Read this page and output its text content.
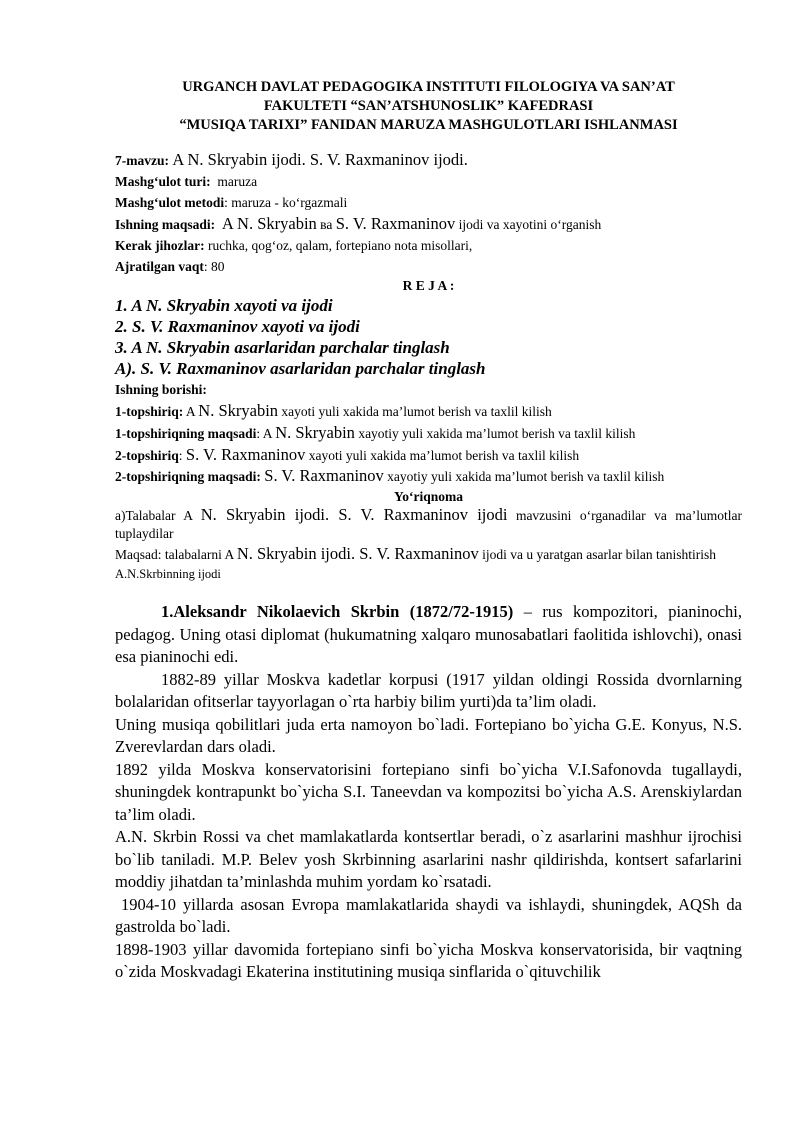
URGANCH DAVLAT PEDAGOGIKA INSTITUTI FILOLOGIYA VA SAN’AT
FAKULTETI “SAN’ATSHUNOSLIK” KAFEDRASI
“MUSIQA TARIXI” FANIDAN MARUZA MASHGULOTLARI ISHLANMASI
7-mavzu: A N. Skryabin ijodi. S. V. Raxmaninov ijodi.
Mashg‘ulot turi: maruza
Mashg‘ulot metodi: maruza - ko‘rgazmali
Ishning maqsadi: A N. Skryabin ва S. V. Raxmaninov ijodi va xayotini o‘rganish
Kerak jihozlar: ruchka, qog‘oz, qalam, fortepiano nota misollari,
Ajratilgan vaqt: 80
R E J A :
1. A N. Skryabin xayoti va ijodi
2. S. V. Raxmaninov xayoti va ijodi
3. A N. Skryabin asarlaridan parchalar tinglash
A). S. V. Raxmaninov asarlaridan parchalar tinglash
Ishning borishi:
1-topshiriq: A N. Skryabin xayoti yuli xakida ma’lumot berish va taxlil kilish
1-topshiriqning maqsadi: A N. Skryabin xayotiy yuli xakida ma’lumot berish va taxlil kilish
2-topshiriq: S. V. Raxmaninov xayoti yuli xakida ma’lumot berish va taxlil kilish
2-topshiriqning maqsadi: S. V. Raxmaninov xayotiy yuli xakida ma’lumot berish va taxlil kilish
Yo‘riqnoma
a)Talabalar A N. Skryabin ijodi. S. V. Raxmaninov ijodi mavzusini o‘rganadilar va ma’lumotlar tuplaydilar
Maqsad: talabalarni A N. Skryabin ijodi. S. V. Raxmaninov ijodi va u yaratgan asarlar bilan tanishtirish
A.N.Skrbinning ijodi
1.Aleksandr Nikolaevich Skrbin (1872/72-1915) – rus kompozitori, pianinochi, pedagog. Uning otasi diplomat (hukumatning xalqaro munosabatlari faolitida ishlovchi), onasi esa pianinochi edi.
1882-89 yillar Moskva kadetlar korpusi (1917 yildan oldingi Rossida dvornlarning bolalaridan ofitserlar tayyorlagan o`rta harbiy bilim yurti)da ta’lim oladi.
Uning musiqa qobilitlari juda erta namoyon bo`ladi. Fortepiano bo`yicha G.E. Konyus, N.S. Zverevlardan dars oladi.
1892 yilda Moskva konservatorisini fortepiano sinfi bo`yicha V.I.Safonovda tugallaydi, shuningdek kontrapunkt bo`yicha S.I. Taneevdan va kompozitsi bo`yicha A.S. Arenskiylardan ta’lim oladi.
A.N. Skrbin Rossi va chet mamlakatlarda kontsertlar beradi, o`z asarlarini mashhur ijrochisi bo`lib taniladi. M.P. Belev yosh Skrbinning asarlarini nashr qildirishda, kontsert safarlarini moddiy jihatdan ta’minlashda muhim yordam ko`rsatadi.
1904-10 yillarda asosan Evropa mamlakatlarida shaydi va ishlaydi, shuningdek, AQSh da gastrolda bo`ladi.
1898-1903 yillar davomida fortepiano sinfi bo`yicha Moskva konservatorisida, bir vaqtning o`zida Moskvadagi Ekaterina institutining musiqa sinflarida o`qituvchilik
